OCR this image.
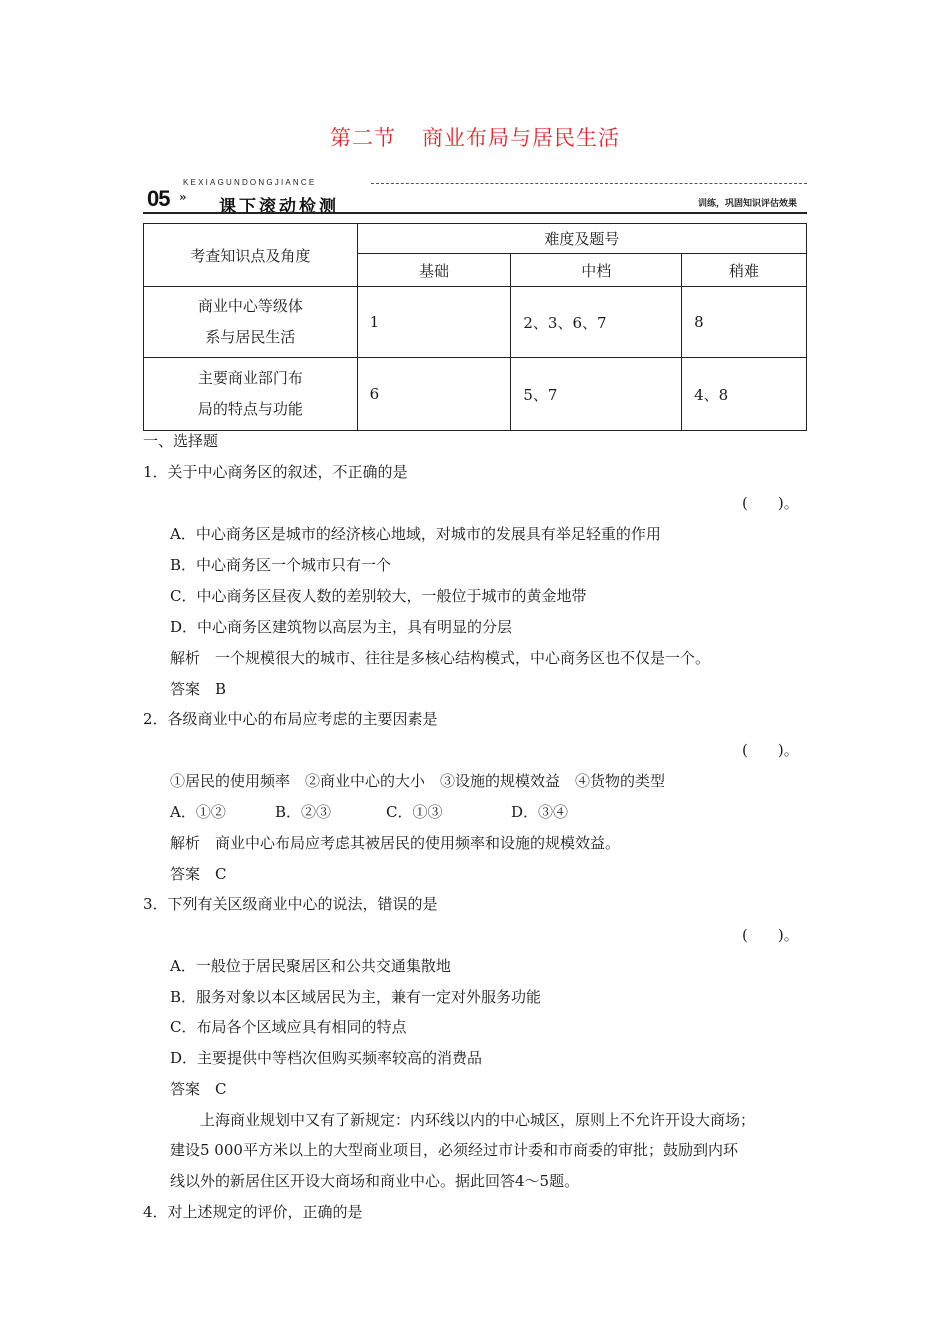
第二节 商业布局与居民生活
05 »
KEXIAGUNDONGJIANCE
课下滚动检测	训练，巩固知识评估效果
考查知识点及角度	难度及题号		
	基础	中档	稍难

商业中心等级体
系与居民生活	1	2、3、6、7	8

主要商业部门布
局的特点与功能	6	5、7	4、8
一、选择题
1．关于中心商务区的叙述，不正确的是
(　　)。
A．中心商务区是城市的经济核心地域，对城市的发展具有举足轻重的作用
B．中心商务区一个城市只有一个
C．中心商务区昼夜人数的差别较大，一般位于城市的黄金地带
D．中心商务区建筑物以高层为主，具有明显的分层
解析　一个规模很大的城市、往往是多核心结构模式，中心商务区也不仅是一个。
答案　B
2．各级商业中心的布局应考虑的主要因素是
(　　)。
①居民的使用频率　②商业中心的大小　③设施的规模效益　④货物的类型
A．①②	B．②③	C．①③	D．③④
解析　商业中心布局应考虑其被居民的使用频率和设施的规模效益。
答案　C
3．下列有关区级商业中心的说法，错误的是
(　　)。
A．一般位于居民聚居区和公共交通集散地
B．服务对象以本区域居民为主，兼有一定对外服务功能
C．布局各个区域应具有相同的特点
D．主要提供中等档次但购买频率较高的消费品
答案　C
上海商业规划中又有了新规定：内环线以内的中心城区，原则上不允许开设大商场；
建设5 000平方米以上的大型商业项目，必须经过市计委和市商委的审批；鼓励到内环
线以外的新居住区开设大商场和商业中心。据此回答4～5题。
4．对上述规定的评价，正确的是
